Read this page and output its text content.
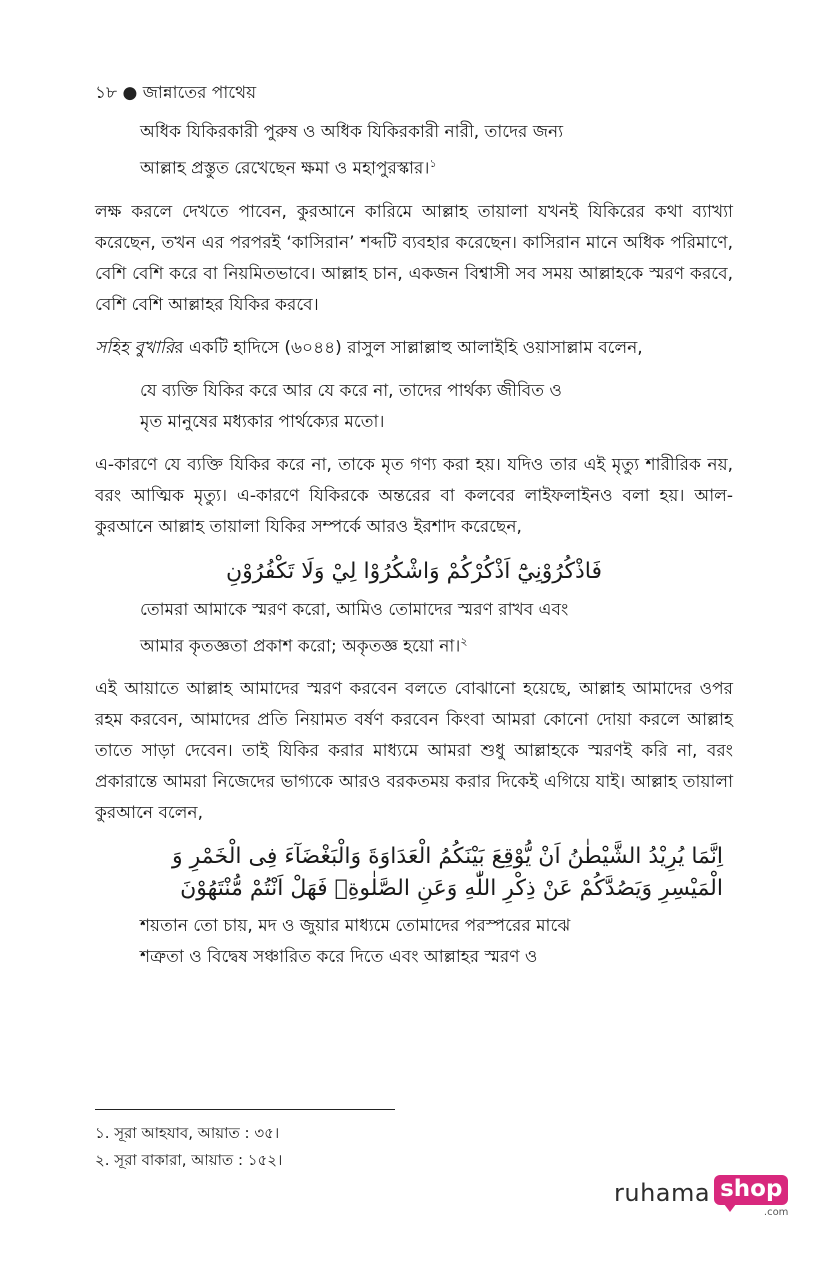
১৮ ● জান্নাতের পাথেয়
অধিক যিকিরকারী পুরুষ ও অধিক যিকিরকারী নারী, তাদের জন্য
আল্লাহ প্রস্তুত রেখেছেন ক্ষমা ও মহাপুরস্কার।$^১$

লক্ষ করলে দেখতে পাবেন, কুরআনে কারিমে আল্লাহ তায়ালা যখনই যিকিরের কথা ব্যাখ্যা করেছেন, তখন এর পরপরই ‘কাসিরান’ শব্দটি ব্যবহার করেছেন। কাসিরান মানে অধিক পরিমাণে, বেশি বেশি করে বা নিয়মিতভাবে। আল্লাহ চান, একজন বিশ্বাসী সব সময় আল্লাহকে স্মরণ করবে, বেশি বেশি আল্লাহর যিকির করবে।

সহিহ বুখারির একটি হাদিসে (৬০৪৪) রাসুল সাল্লাল্লাহু আলাইহি ওয়াসাল্লাম বলেন,

যে ব্যক্তি যিকির করে আর যে করে না, তাদের পার্থক্য জীবিত ও
মৃত মানুষের মধ্যকার পার্থক্যের মতো।

এ-কারণে যে ব্যক্তি যিকির করে না, তাকে মৃত গণ্য করা হয়। যদিও তার এই মৃত্যু শারীরিক নয়, বরং আত্মিক মৃত্যু। এ-কারণে যিকিরকে অন্তরের বা কলবের লাইফলাইনও বলা হয়। আল-কুরআনে আল্লাহ তায়ালা যিকির সম্পর্কে আরও ইরশাদ করেছেন,

فَاذْكُرُوْنِيْٓ اَذْكُرْكُمْ وَاشْكُرُوْا لِيْ وَلَا تَكْفُرُوْنِ
তোমরা আমাকে স্মরণ করো, আমিও তোমাদের স্মরণ রাখব এবং
আমার কৃতজ্ঞতা প্রকাশ করো; অকৃতজ্ঞ হয়ো না।$^২$

এই আয়াতে আল্লাহ আমাদের স্মরণ করবেন বলতে বোঝানো হয়েছে, আল্লাহ আমাদের ওপর রহম করবেন, আমাদের প্রতি নিয়ামত বর্ষণ করবেন কিংবা আমরা কোনো দোয়া করলে আল্লাহ তাতে সাড়া দেবেন। তাই যিকির করার মাধ্যমে আমরা শুধু আল্লাহকে স্মরণই করি না, বরং প্রকারান্তে আমরা নিজেদের ভাগ্যকে আরও বরকতময় করার দিকেই এগিয়ে যাই। আল্লাহ তায়ালা কুরআনে বলেন,

اِنَّمَا يُرِيْدُ الشَّيْطٰنُ اَنْ يُّوْقِعَ بَيْنَكُمُ الْعَدَاوَةَ وَالْبَغْضَآءَ فِى الْخَمْرِ وَ
الْمَيْسِرِ وَيَصُدَّكُمْ عَنْ ذِكْرِ اللّٰهِ وَعَنِ الصَّلٰوةِۚ فَهَلْ اَنْتُمْ مُّنْتَهُوْنَ
শয়তান তো চায়, মদ ও জুয়ার মাধ্যমে তোমাদের পরস্পরের মাঝে
শত্রুতা ও বিদ্বেষ সঞ্চারিত করে দিতে এবং আল্লাহর স্মরণ ও
১. সূরা আহযাব, আয়াত : ৩৫।
২. সূরা বাকারা, আয়াত : ১৫২।
ruhama shop
.com
